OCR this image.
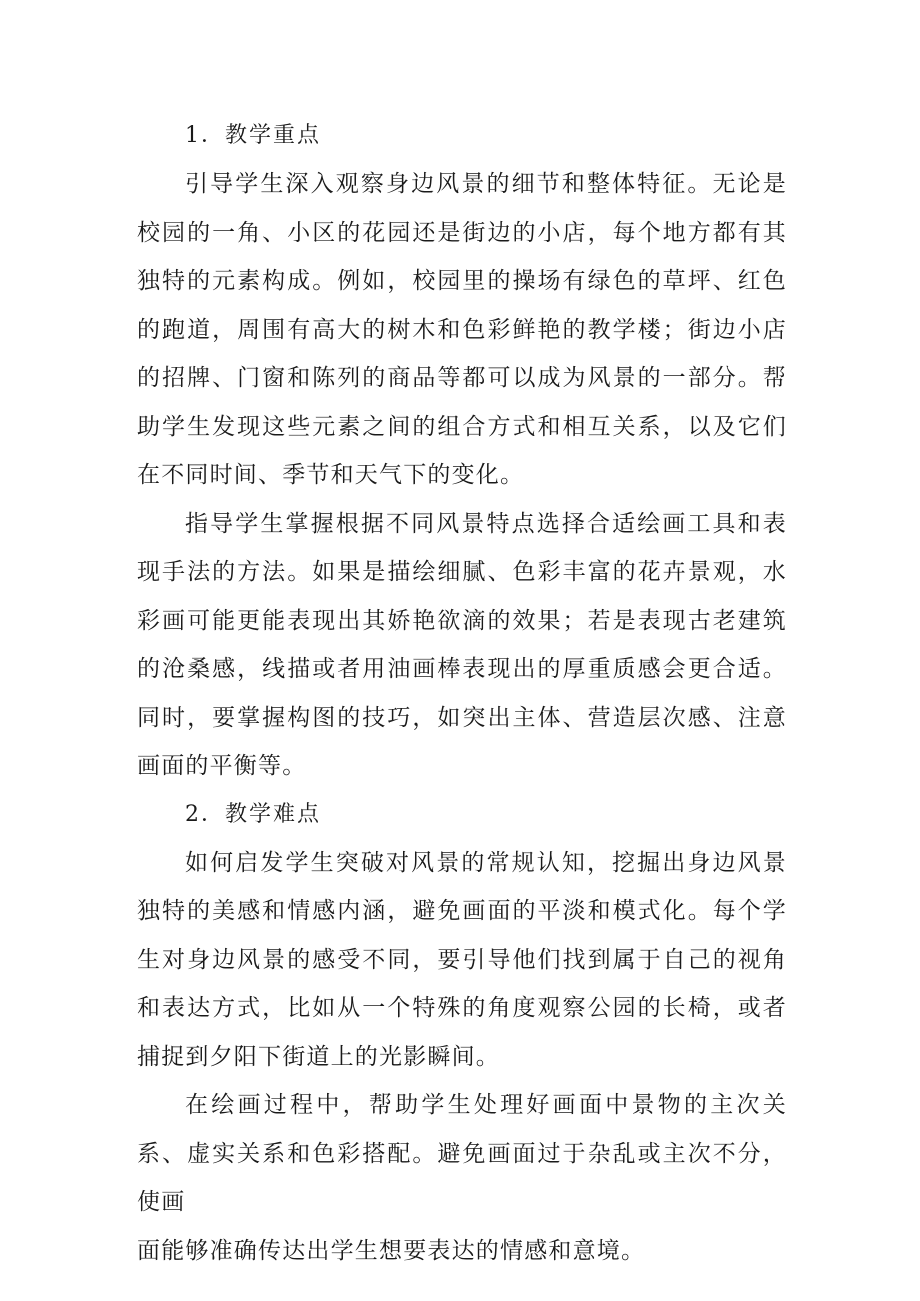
1．教学重点

引导学生深入观察身边风景的细节和整体特征。无论是校园的一角、小区的花园还是街边的小店，每个地方都有其独特的元素构成。例如，校园里的操场有绿色的草坪、红色的跑道，周围有高大的树木和色彩鲜艳的教学楼；街边小店的招牌、门窗和陈列的商品等都可以成为风景的一部分。帮助学生发现这些元素之间的组合方式和相互关系，以及它们在不同时间、季节和天气下的变化。

指导学生掌握根据不同风景特点选择合适绘画工具和表现手法的方法。如果是描绘细腻、色彩丰富的花卉景观，水彩画可能更能表现出其娇艳欲滴的效果；若是表现古老建筑的沧桑感，线描或者用油画棒表现出的厚重质感会更合适。同时，要掌握构图的技巧，如突出主体、营造层次感、注意画面的平衡等。

2．教学难点

如何启发学生突破对风景的常规认知，挖掘出身边风景独特的美感和情感内涵，避免画面的平淡和模式化。每个学生对身边风景的感受不同，要引导他们找到属于自己的视角和表达方式，比如从一个特殊的角度观察公园的长椅，或者捕捉到夕阳下街道上的光影瞬间。

在绘画过程中，帮助学生处理好画面中景物的主次关系、虚实关系和色彩搭配。避免画面过于杂乱或主次不分，使画
面能够准确传达出学生想要表达的情感和意境。
